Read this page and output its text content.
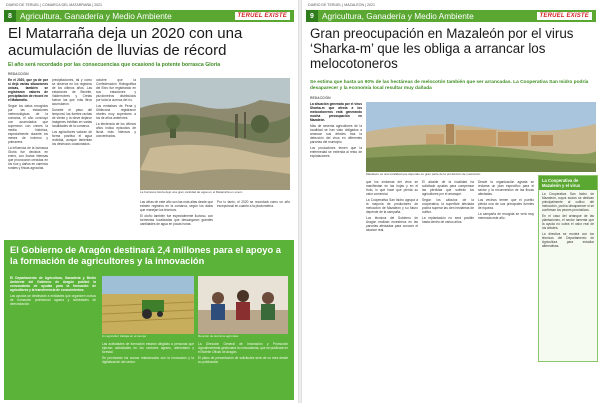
DIARIO DE TERUEL | COMARCA DEL MATARRAÑA | 2021
8 Agricultura, Ganadería y Medio Ambiente	TERUEL EXISTE
El Matarraña deja un 2020 con una acumulación de lluvias de récord
El año será recordado por las consecuencias que ocasionó la potente borrasca Gloria
REDACCIÓN

En el 2020, que ya de por sí dejó varias situaciones únicas, también se registraron valores de precipitación de récord en el Matarraña.

Según los datos recogidos por las estaciones meteorológicas de la comarca, el año concluyó con acumulados que superaron con creces la media histórica, especialmente durante los meses de invierno y primavera.

La influencia de la borrasca Gloria fue decisiva en enero, con lluvias intensas que provocaron crecidas en los ríos y daños en caminos rurales y fincas agrícolas.

precipitaciones, tal y como se observa en los registros de los últimos años. Las estaciones de Beceite, Valderrobres y Cretas fueron las que más litros acumularon.

Durante el paso del temporal, las fuertes rachas de viento y la nieve dejaron imágenes inéditas en varias localidades de la comarca.

Los agricultores valoran de forma positiva el agua recibida, aunque lamentan los destrozos ocasionados.

octubre que la Confederación Hidrográfica del Ebro fue registrando en sus estaciones y pluviómetros distribuidos por toda la cuenca del río.

Los embalses de Pena y Ulldecona registraron niveles muy superiores a los de años anteriores.

La tendencia de los últimos años indica episodios de lluvia más intensos y concentrados.

La borrasca Gloria dejó una gran cantidad de agua en el Matarraña en enero

Las cifras de este año son las más altas desde que existen registros en la comarca, según los datos que manejan los técnicos.

El otoño también fue especialmente lluvioso, con tormentas localizadas que descargaron grandes cantidades de agua en pocas horas.

Por lo tanto, el 2020 se recordará como un año excepcional en cuanto a la pluviometría.

El Gobierno de Aragón destinará 2,4 millones para el apoyo a la formación de agricultores y la innovación

El Departamento de Agricultura, Ganadería y Medio Ambiente del Gobierno de Aragón publicó la convocatoria de ayudas para la formación de agricultores y la transferencia de conocimientos.

Las ayudas se destinarán a entidades que organicen cursos de formación profesional agraria y actividades de demostración.

Un agricultor trabaja en el campo	Reunión de técnicos agrícolas

Las actividades de formación estarán dirigidas a personas que ejerzan actividades en los sectores agrario, alimentario y forestal.

Se priorizarán los cursos relacionados con la innovación y la digitalización del sector.

La Dirección General de Innovación y Promoción Agroalimentaria gestionará la convocatoria, que se publicará en el Boletín Oficial de Aragón.

El plazo de presentación de solicitudes será de un mes desde su publicación.

DIARIO DE TERUEL | MAZALEÓN | 2021
9 Agricultura, Ganadería y Medio Ambiente	TERUEL EXISTE
Gran preocupación en Mazaleón por el virus ‘Sharka-m’ que les obliga a arrancar los melocotoneros
Se estima que hasta un 90% de las hectáreas de melocotón también que ser arrancadas. La Cooperativa San Isidro podría desaparecer y la economía local resultar muy dañada
REDACCIÓN

La situación generada por el virus Sharka-m que afecta a los melocotoneros está generando mucha preocupación en Mazaleón.

Más de sesenta agricultores de la localidad se han visto obligados a arrancar sus árboles tras la detección del virus en diferentes parcelas del municipio.

Los productores temen que la enfermedad se extienda al resto de explotaciones.

Mazaleón es una localidad que depende en gran parte de la producción de melocotón

que los síntomas del virus se manifiestan en las hojas y en el fruto, lo que hace que pierda su valor comercial.

La Cooperativa San Isidro agrupa a la mayoría de productores de melocotón de Mazaleón y su futuro depende de la campaña.

Los técnicos del Gobierno de Aragón realizan muestreos en las parcelas afectadas para conocer el alcance real.

El alcalde de la localidad ha solicitado ayudas para compensar las pérdidas que sufrirán los agricultores por el arranque.

Según los cálculos de la cooperativa, la superficie afectada podría superar las cien hectáreas de cultivo.

La replantación no será posible hasta dentro de varios años.

Desde la organización agraria se reclama un plan específico para el sector y la reconversión de las fincas afectadas.

Los vecinos temen que el pueblo pierda una de sus principales fuentes de riqueza.

La campaña de recogida se verá muy mermada este año.

La Cooperativa de Mazaleón y el virus

La Cooperativa San Isidro de Mazaleón, cuyos socios se dedican principalmente al cultivo del melocotón, podría desaparecer si se confirman los peores pronósticos.

En el caso del arranque de las plantaciones, el sector lamenta que la ayuda no cubra el valor real de los árboles.

La directiva se reunirá con los técnicos del Departamento de Agricultura para estudiar alternativas.
